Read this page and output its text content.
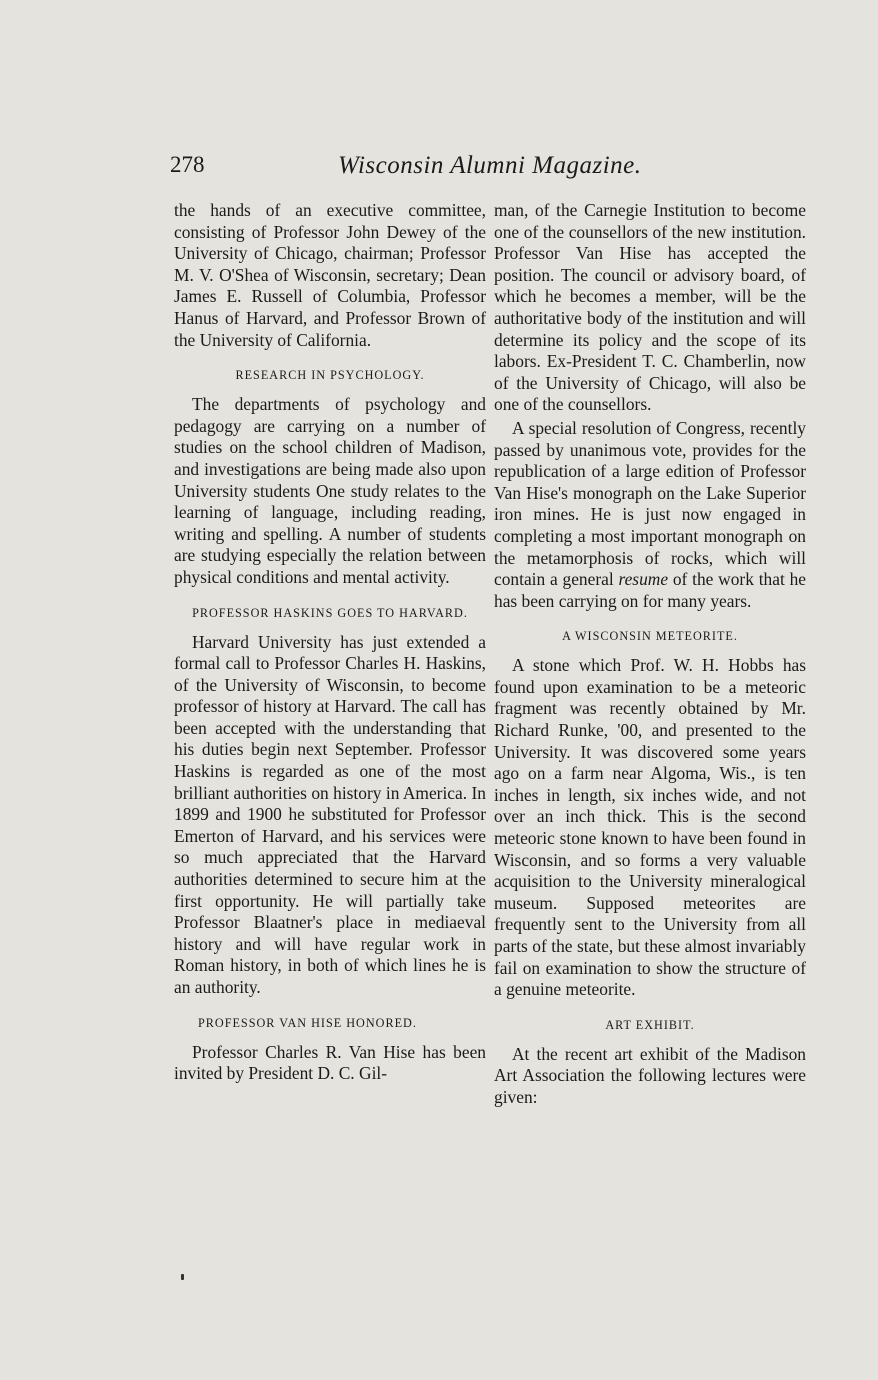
278	Wisconsin Alumni Magazine.

the hands of an executive committee, consisting of Professor John Dewey of the University of Chicago, chairman; Professor M. V. O'Shea of Wisconsin, secretary; Dean James E. Russell of Columbia, Professor Hanus of Harvard, and Professor Brown of the University of California.

RESEARCH IN PSYCHOLOGY.

The departments of psychology and pedagogy are carrying on a number of studies on the school children of Madison, and investigations are being made also upon University students One study relates to the learning of language, including reading, writing and spelling. A number of students are studying especially the relation between physical conditions and mental activity.

PROFESSOR HASKINS GOES TO HARVARD.

Harvard University has just extended a formal call to Professor Charles H. Haskins, of the University of Wisconsin, to become professor of history at Harvard. The call has been accepted with the understanding that his duties begin next September. Professor Haskins is regarded as one of the most brilliant authorities on history in America. In 1899 and 1900 he substituted for Professor Emerton of Harvard, and his services were so much appreciated that the Harvard authorities determined to secure him at the first opportunity. He will partially take Professor Blaatner's place in mediaeval history and will have regular work in Roman history, in both of which lines he is an authority.

PROFESSOR VAN HISE HONORED.

Professor Charles R. Van Hise has been invited by President D. C. Gil-

man, of the Carnegie Institution to become one of the counsellors of the new institution. Professor Van Hise has accepted the position. The council or advisory board, of which he becomes a member, will be the authoritative body of the institution and will determine its policy and the scope of its labors. Ex-President T. C. Chamberlin, now of the University of Chicago, will also be one of the counsellors.

A special resolution of Congress, recently passed by unanimous vote, provides for the republication of a large edition of Professor Van Hise's monograph on the Lake Superior iron mines. He is just now engaged in completing a most important monograph on the metamorphosis of rocks, which will contain a general resume of the work that he has been carrying on for many years.

A WISCONSIN METEORITE.

A stone which Prof. W. H. Hobbs has found upon examination to be a meteoric fragment was recently obtained by Mr. Richard Runke, '00, and presented to the University. It was discovered some years ago on a farm near Algoma, Wis., is ten inches in length, six inches wide, and not over an inch thick. This is the second meteoric stone known to have been found in Wisconsin, and so forms a very valuable acquisition to the University mineralogical museum. Supposed meteorites are frequently sent to the University from all parts of the state, but these almost invariably fail on examination to show the structure of a genuine meteorite.

ART EXHIBIT.

At the recent art exhibit of the Madison Art Association the following lectures were given:
